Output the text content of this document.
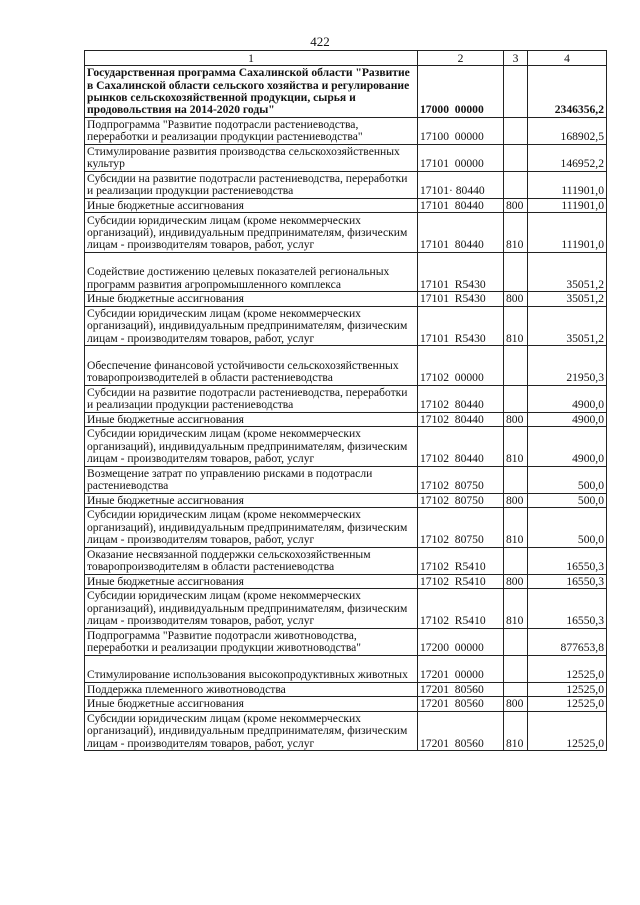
422
1	2	3	4
Государственная программа Сахалинской области "Развитие в Сахалинской области сельского хозяйства и регулирование рынков сельскохозяйственной продукции, сырья и продовольствия на 2014-2020 годы"	17000  00000		2346356,2
Подпрограмма "Развитие подотрасли растениеводства, переработки и реализации продукции растениеводства"	17100  00000		168902,5
Стимулирование развития производства сельскохозяйственных культур	17101  00000		146952,2
Субсидии на развитие подотрасли растениеводства, переработки и реализации продукции растениеводства	17101· 80440		111901,0
Иные бюджетные ассигнования	17101  80440	800	111901,0
Субсидии юридическим лицам (кроме некоммерческих организаций), индивидуальным предпринимателям, физическим лицам - производителям товаров, работ, услуг	17101  80440	810	111901,0
Содействие достижению целевых показателей региональных программ развития агропромышленного комплекса	17101  R5430		35051,2
Иные бюджетные ассигнования	17101  R5430	800	35051,2
Субсидии юридическим лицам (кроме некоммерческих организаций), индивидуальным предпринимателям, физическим лицам - производителям товаров, работ, услуг	17101  R5430	810	35051,2
Обеспечение финансовой устойчивости сельскохозяйственных товаропроизводителей в области растениеводства	17102  00000		21950,3
Субсидии на развитие подотрасли растениеводства, переработки и реализации продукции растениеводства	17102  80440		4900,0
Иные бюджетные ассигнования	17102  80440	800	4900,0
Субсидии юридическим лицам (кроме некоммерческих организаций), индивидуальным предпринимателям, физическим лицам - производителям товаров, работ, услуг	17102  80440	810	4900,0
Возмещение затрат по управлению рисками в подотрасли растениеводства	17102  80750		500,0
Иные бюджетные ассигнования	17102  80750	800	500,0
Субсидии юридическим лицам (кроме некоммерческих организаций), индивидуальным предпринимателям, физическим лицам - производителям товаров, работ, услуг	17102  80750	810	500,0
Оказание несвязанной поддержки сельскохозяйственным товаропроизводителям в области растениеводства	17102  R5410		16550,3
Иные бюджетные ассигнования	17102  R5410	800	16550,3
Субсидии юридическим лицам (кроме некоммерческих организаций), индивидуальным предпринимателям, физическим лицам - производителям товаров, работ, услуг	17102  R5410	810	16550,3
Подпрограмма "Развитие подотрасли животноводства, переработки и реализации продукции животноводства"	17200  00000		877653,8
Стимулирование использования высокопродуктивных животных	17201  00000		12525,0
Поддержка племенного животноводства	17201  80560		12525,0
Иные бюджетные ассигнования	17201  80560	800	12525,0
Субсидии юридическим лицам (кроме некоммерческих организаций), индивидуальным предпринимателям, физическим лицам - производителям товаров, работ, услуг	17201  80560	810	12525,0
